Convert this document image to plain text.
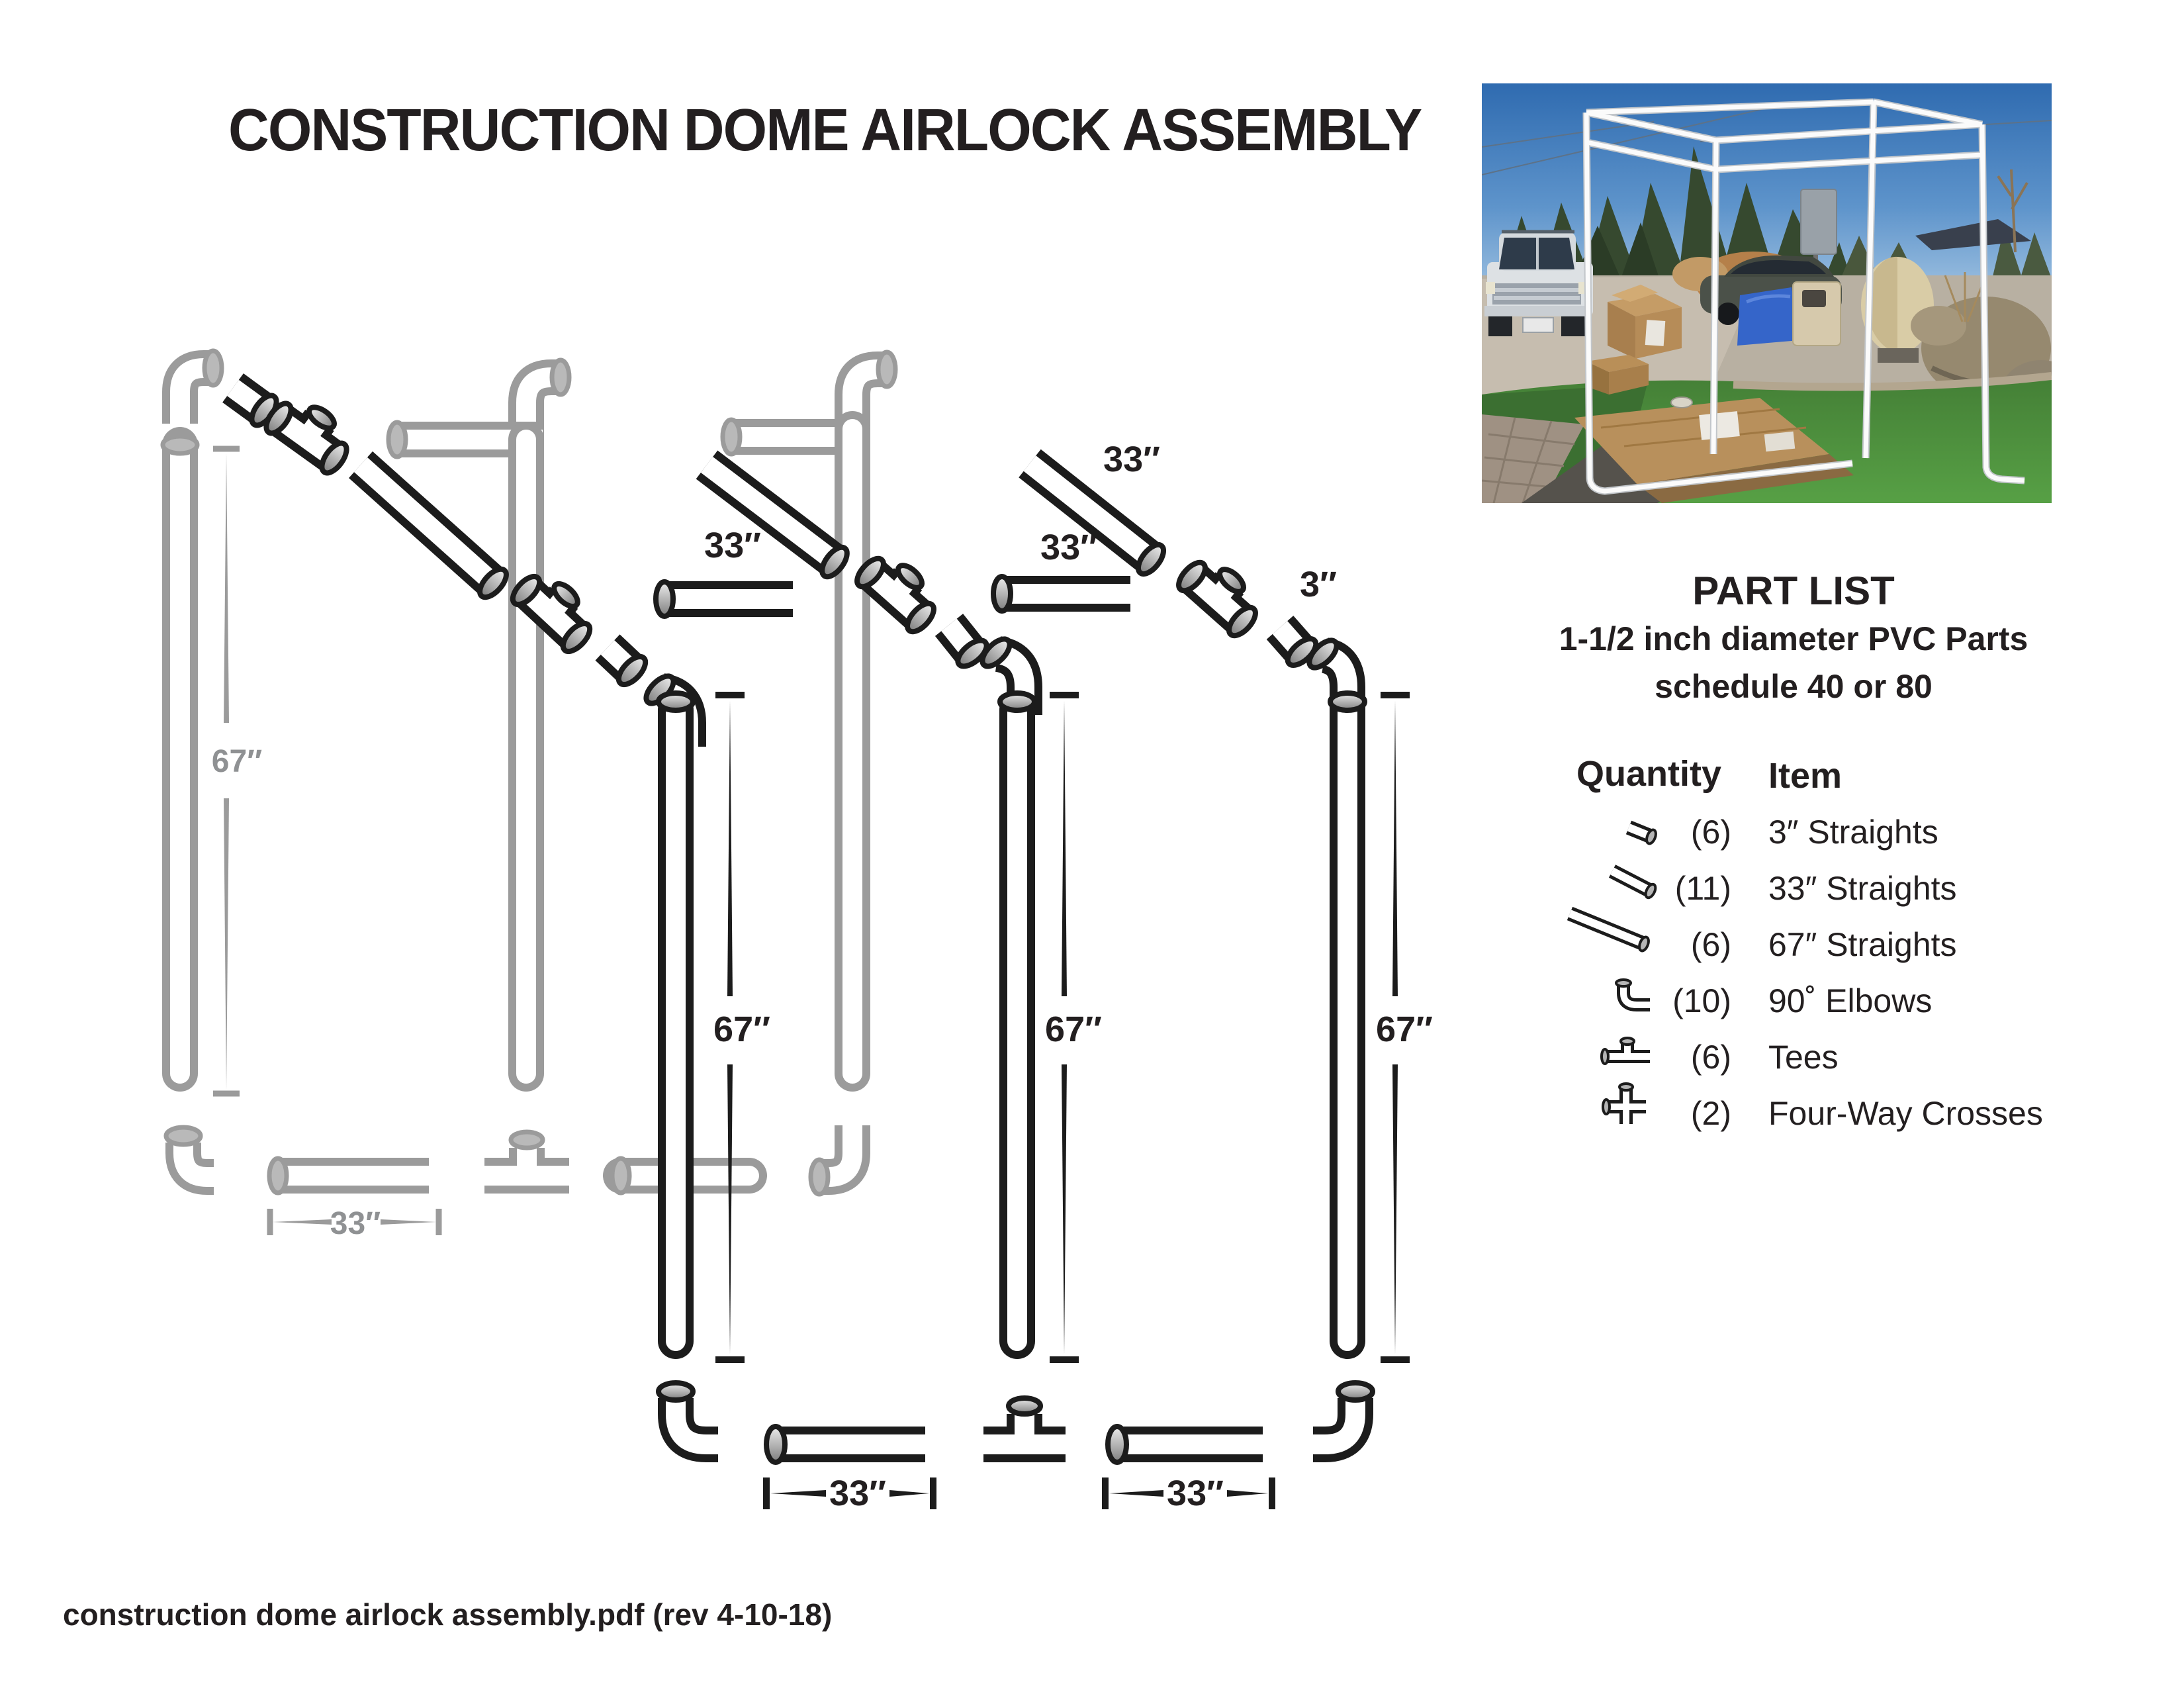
67″
33″
33″	33″
33″
3″
67″	67″	67″
33″	33″
CONSTRUCTION DOME AIRLOCK ASSEMBLY
construction dome airlock assembly.pdf (rev 4-10-18)
PART LIST
1-1/2 inch diameter PVC Parts
schedule 40 or 80
Quantity Item
(6) 3″ Straights
(11) 33″ Straights
(6) 67″ Straights
(10) 90˚ Elbows
(6) Tees
(2) Four-Way Crosses
